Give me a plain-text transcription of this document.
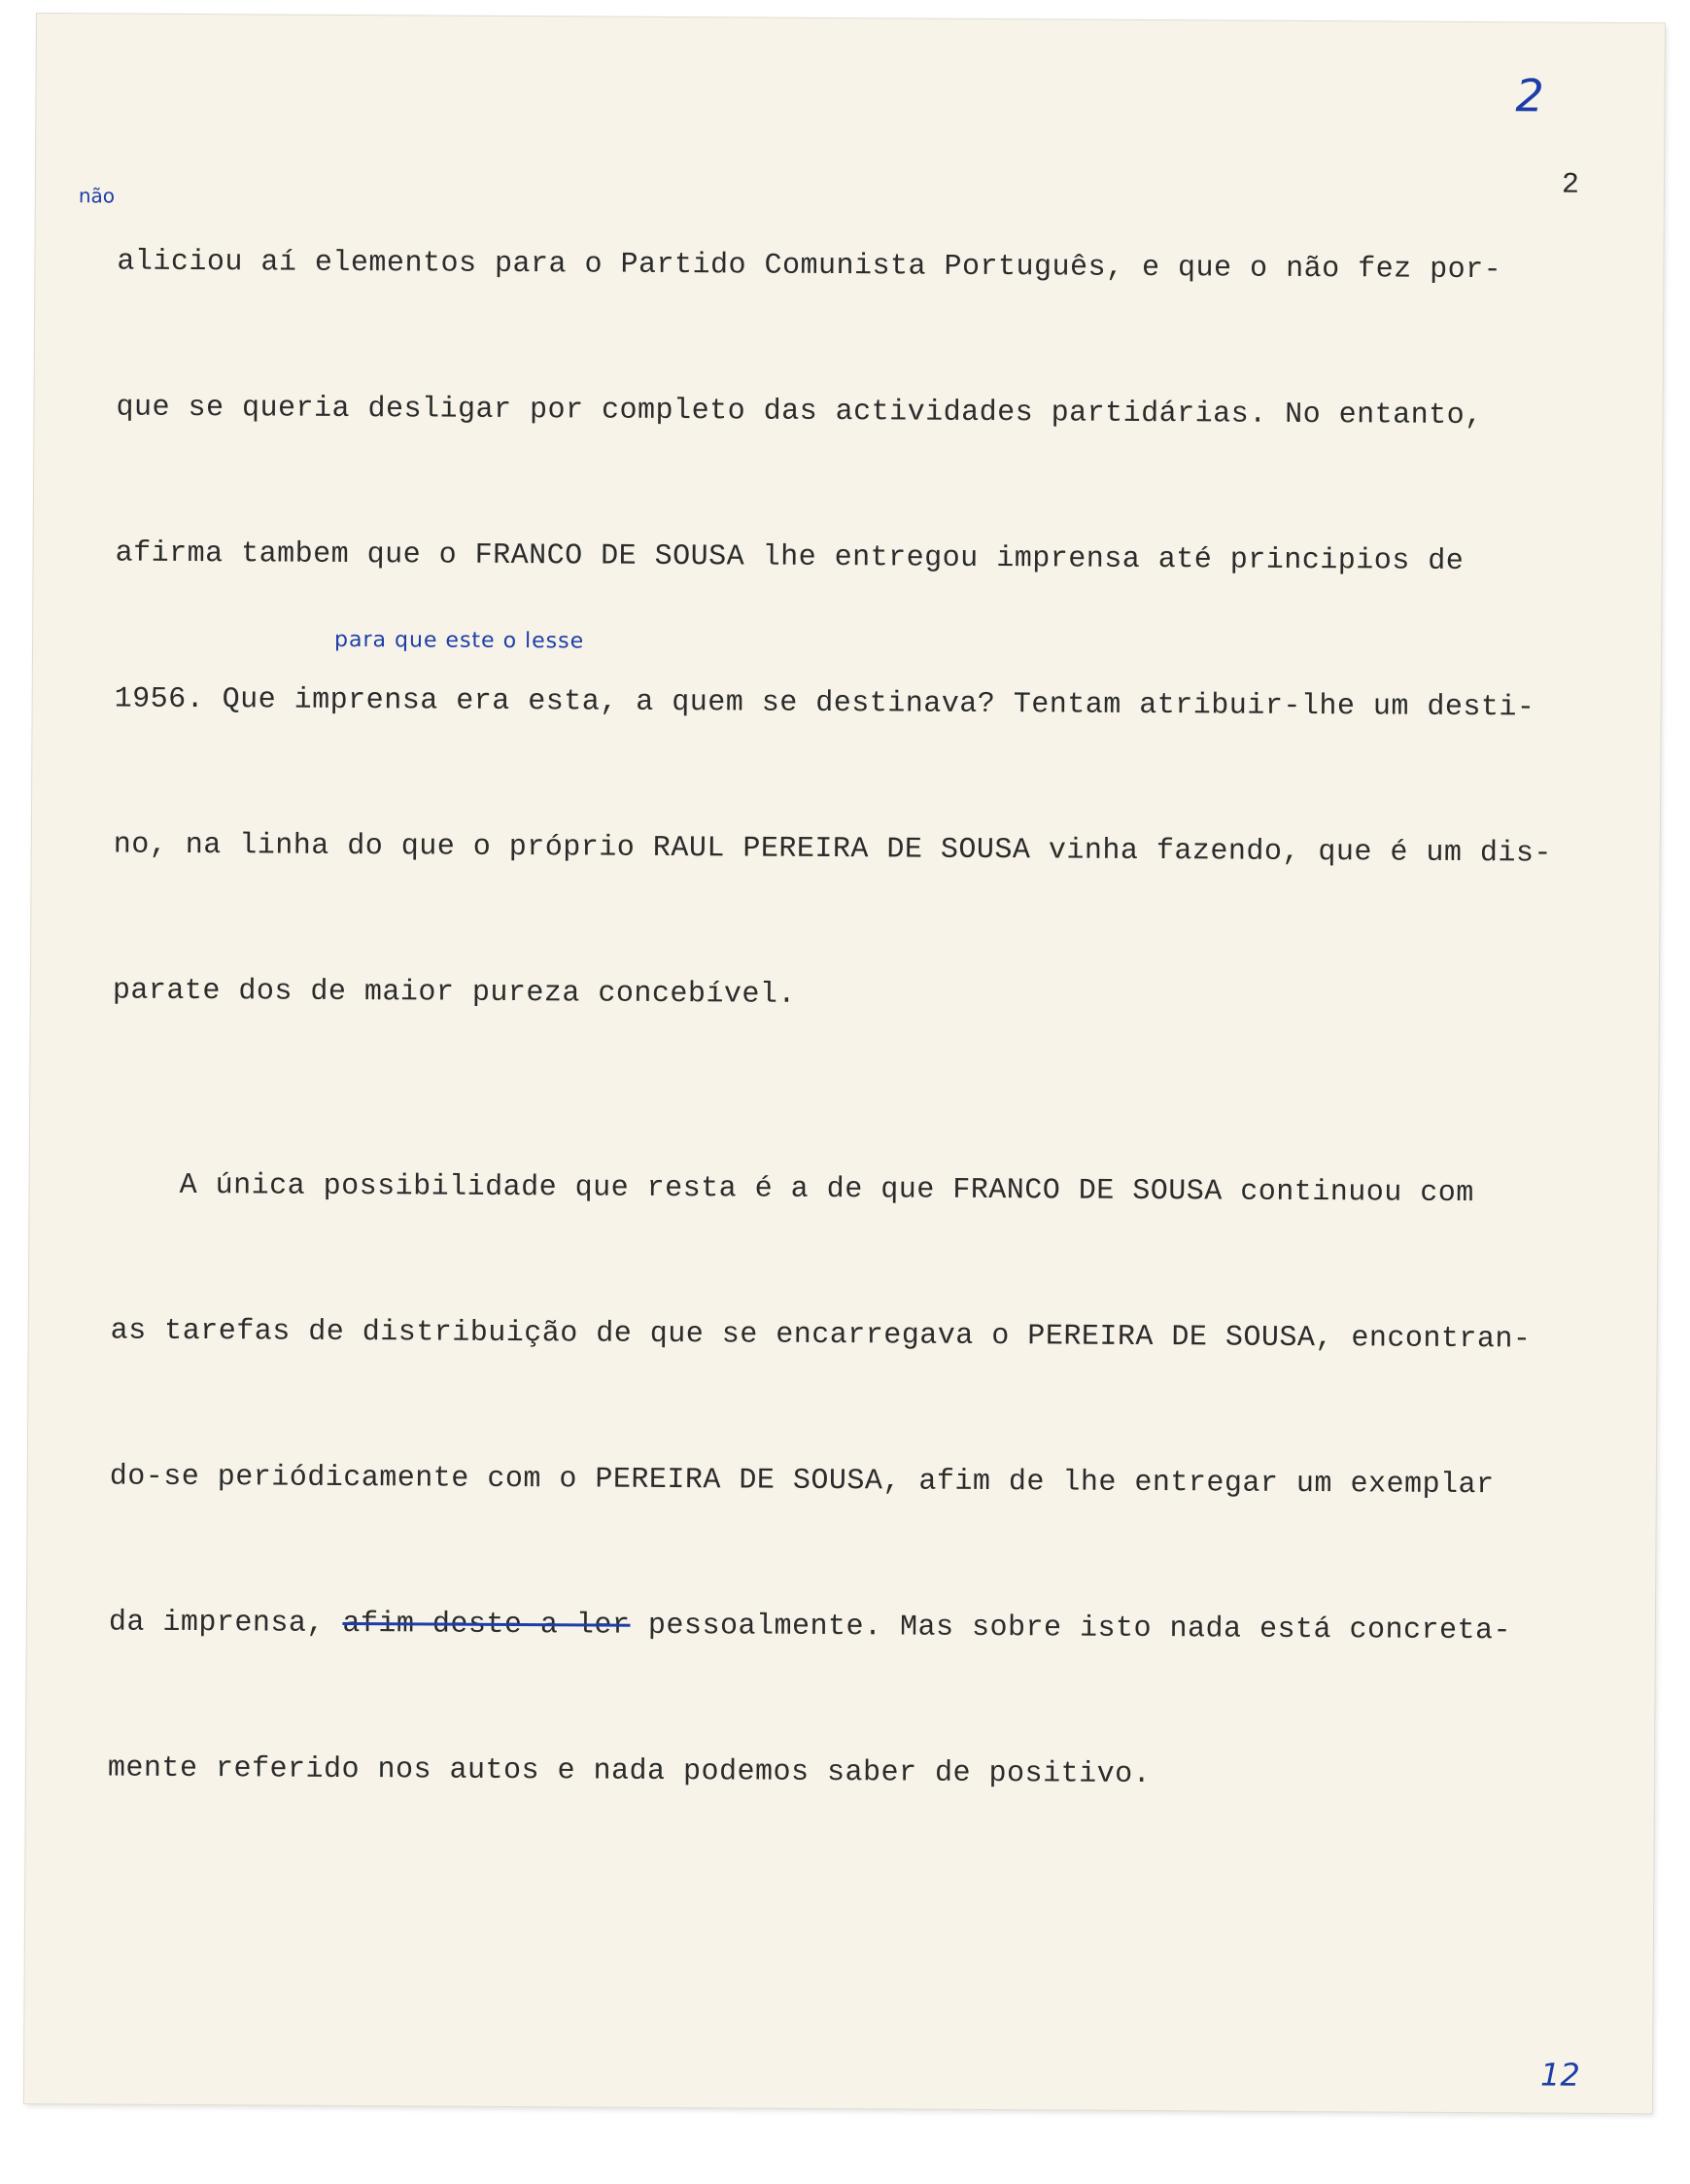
2
2
não

aliciou aí elementos para o Partido Comunista Português, e que o não fez por-

que se queria desligar por completo das actividades partidárias. No entanto,

afirma tambem que o FRANCO DE SOUSA lhe entregou imprensa até principios de

1956. Que imprensa era esta, a quem se destinava? Tentam atribuir-lhe um desti-

no, na linha do que o próprio RAUL PEREIRA DE SOUSA vinha fazendo, que é um dis-

parate dos de maior pureza concebível.

A única possibilidade que resta é a de que FRANCO DE SOUSA continuou com

as tarefas de distribuição de que se encarregava o PEREIRA DE SOUSA, encontran-

do-se periódicamente com o PEREIRA DE SOUSA, afim de lhe entregar um exemplar

da imprensa, afim deste a ler pessoalmente. Mas sobre isto nada está concreta-

mente referido nos autos e nada podemos saber de positivo.

para que este o lesse
12
